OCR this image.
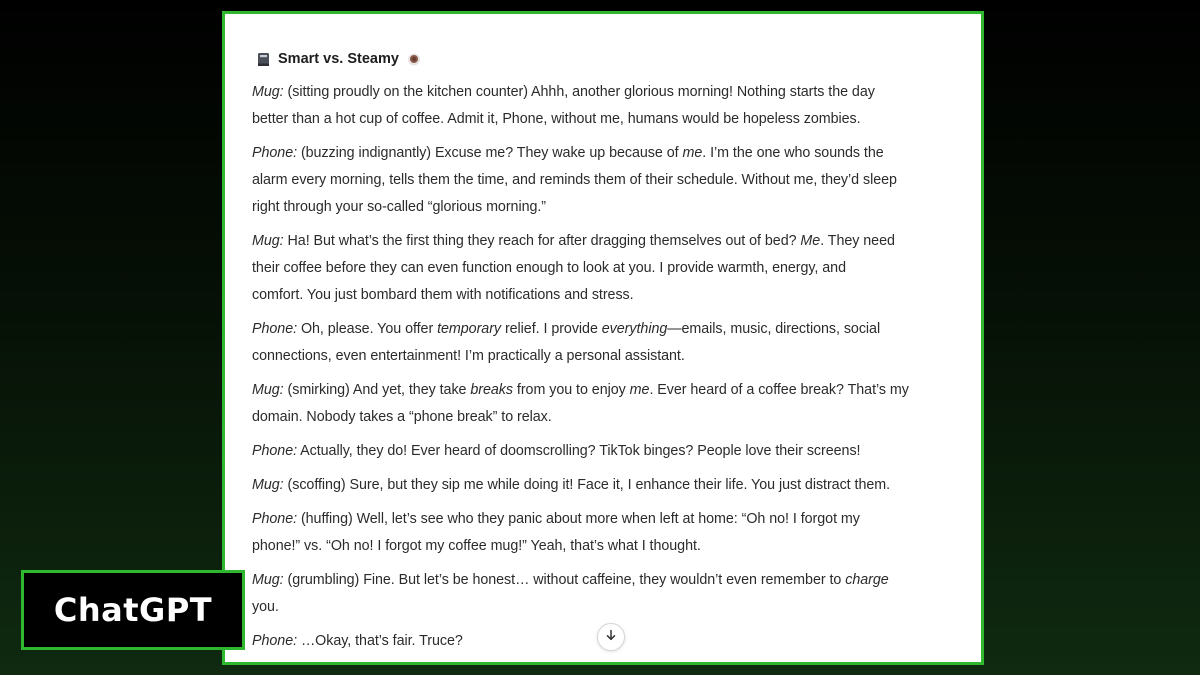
Smart vs. Steamy
Mug: (sitting proudly on the kitchen counter) Ahhh, another glorious morning! Nothing starts the day
better than a hot cup of coffee. Admit it, Phone, without me, humans would be hopeless zombies.
Phone: (buzzing indignantly) Excuse me? They wake up because of me. I’m the one who sounds the
alarm every morning, tells them the time, and reminds them of their schedule. Without me, they’d sleep
right through your so-called “glorious morning.”
Mug: Ha! But what’s the first thing they reach for after dragging themselves out of bed? Me. They need
their coffee before they can even function enough to look at you. I provide warmth, energy, and
comfort. You just bombard them with notifications and stress.
Phone: Oh, please. You offer temporary relief. I provide everything—emails, music, directions, social
connections, even entertainment! I’m practically a personal assistant.
Mug: (smirking) And yet, they take breaks from you to enjoy me. Ever heard of a coffee break? That’s my
domain. Nobody takes a “phone break” to relax.
Phone: Actually, they do! Ever heard of doomscrolling? TikTok binges? People love their screens!
Mug: (scoffing) Sure, but they sip me while doing it! Face it, I enhance their life. You just distract them.
Phone: (huffing) Well, let’s see who they panic about more when left at home: “Oh no! I forgot my
phone!” vs. “Oh no! I forgot my coffee mug!” Yeah, that’s what I thought.
Mug: (grumbling) Fine. But let’s be honest… without caffeine, they wouldn’t even remember to charge
you.
Phone: …Okay, that’s fair. Truce?
ChatGPT
